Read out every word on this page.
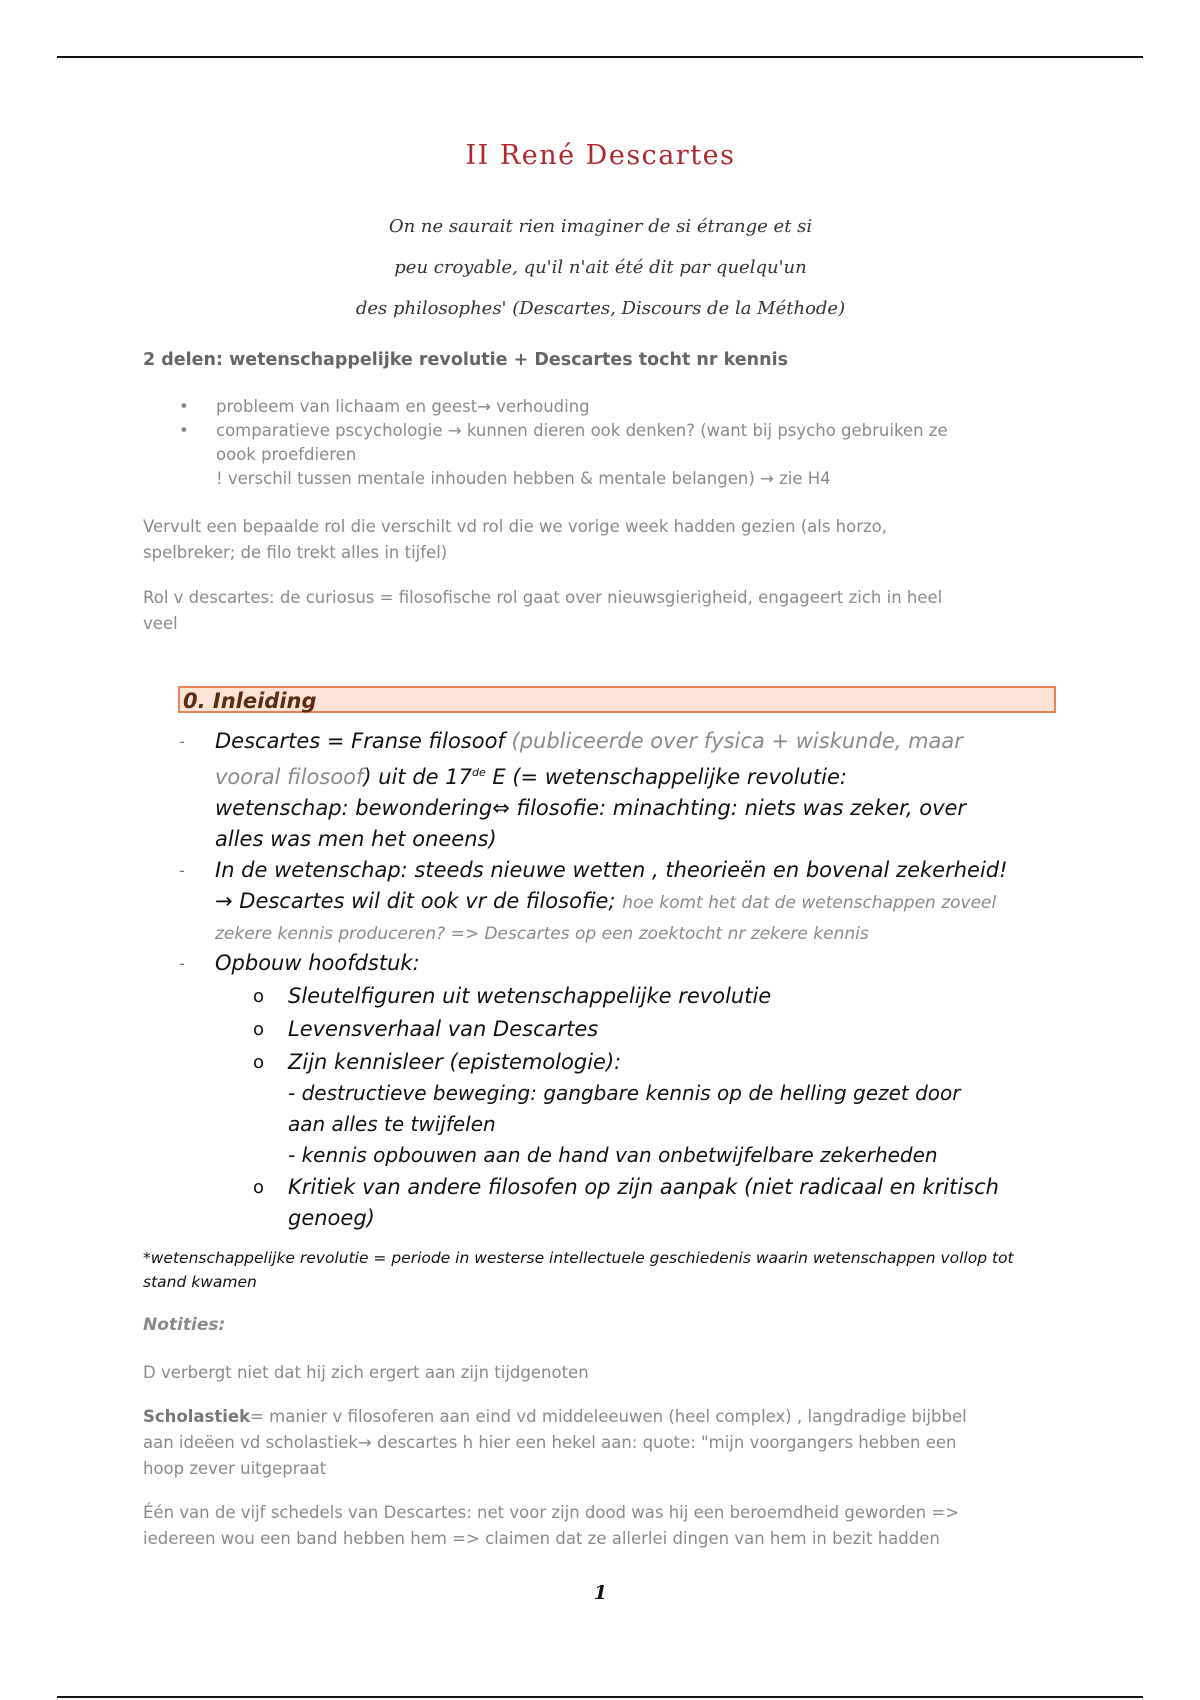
II René Descartes
On ne saurait rien imaginer de si étrange et si
peu croyable, qu'il n'ait été dit par quelqu'un
des philosophes' (Descartes, Discours de la Méthode)
2 delen: wetenschappelijke revolutie + Descartes tocht nr kennis
• probleem van lichaam en geest→ verhouding
• comparatieve pscychologie → kunnen dieren ook denken? (want bij psycho gebruiken ze
oook proefdieren
! verschil tussen mentale inhouden hebben & mentale belangen) → zie H4
Vervult een bepaalde rol die verschilt vd rol die we vorige week hadden gezien (als horzo,
spelbreker; de filo trekt alles in tijfel)
Rol v descartes: de curiosus = filosofische rol gaat over nieuwsgierigheid, engageert zich in heel
veel
0. Inleiding
- Descartes = Franse filosoof (publiceerde over fysica + wiskunde, maar
vooral filosoof) uit de 17de E (= wetenschappelijke revolutie:
wetenschap: bewondering⇔ filosofie: minachting: niets was zeker, over
alles was men het oneens)
- In de wetenschap: steeds nieuwe wetten , theorieën en bovenal zekerheid!
→ Descartes wil dit ook vr de filosofie; hoe komt het dat de wetenschappen zoveel
zekere kennis produceren? => Descartes op een zoektocht nr zekere kennis
- Opbouw hoofdstuk:
o Sleutelfiguren uit wetenschappelijke revolutie
o Levensverhaal van Descartes
o Zijn kennisleer (epistemologie):
- destructieve beweging: gangbare kennis op de helling gezet door
aan alles te twijfelen
- kennis opbouwen aan de hand van onbetwijfelbare zekerheden
o Kritiek van andere filosofen op zijn aanpak (niet radicaal en kritisch
genoeg)
*wetenschappelijke revolutie = periode in westerse intellectuele geschiedenis waarin wetenschappen vollop tot
stand kwamen
Notities:
D verbergt niet dat hij zich ergert aan zijn tijdgenoten
Scholastiek= manier v filosoferen aan eind vd middeleeuwen (heel complex) , langdradige bijbbel
aan ideëen vd scholastiek→ descartes h hier een hekel aan: quote: "mijn voorgangers hebben een
hoop zever uitgepraat
Één van de vijf schedels van Descartes: net voor zijn dood was hij een beroemdheid geworden =>
iedereen wou een band hebben hem => claimen dat ze allerlei dingen van hem in bezit hadden
1
